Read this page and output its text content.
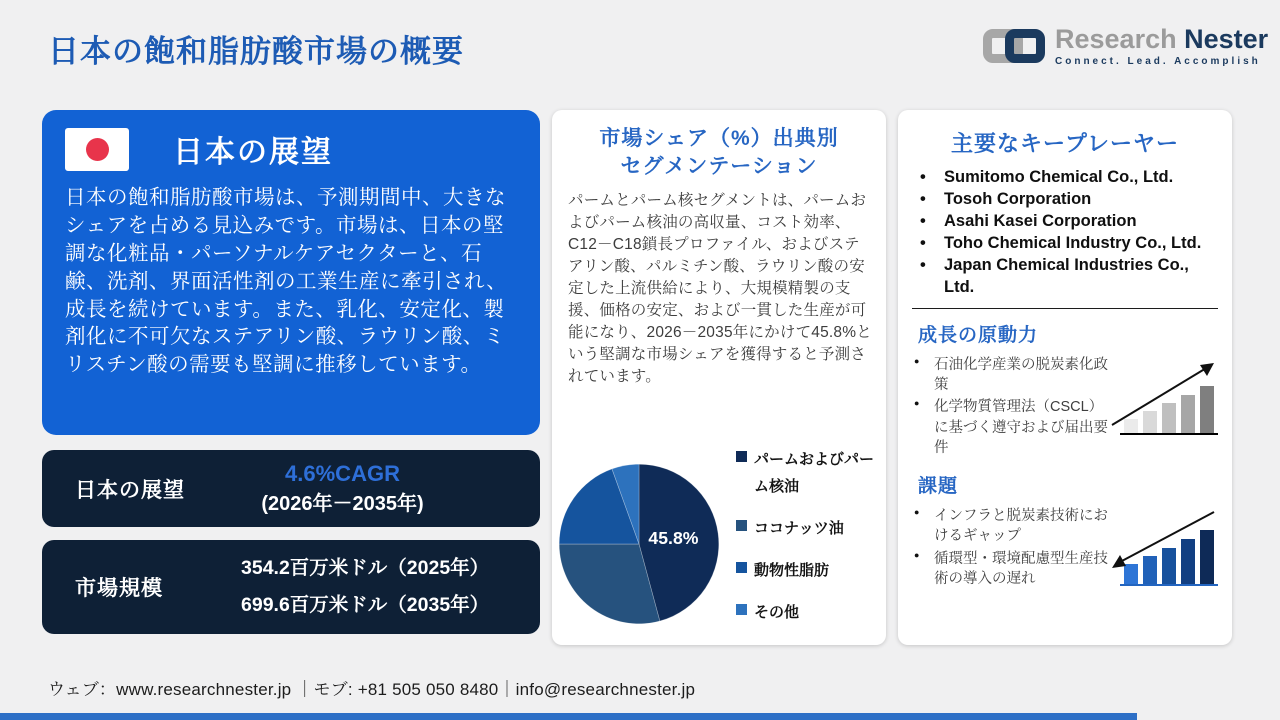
日本の飽和脂肪酸市場の概要	Research Nester
Connect. Lead. Accomplish
日本の展望
日本の飽和脂肪酸市場は、予測期間中、大きなシェアを占める見込みです。市場は、日本の堅調な化粧品・パーソナルケアセクターと、石鹸、洗剤、界面活性剤の工業生産に牽引され、成長を続けています。また、乳化、安定化、製剤化に不可欠なステアリン酸、ラウリン酸、ミリスチン酸の需要も堅調に推移しています。
日本の展望
4.6%CAGR
(2026年－2035年)
市場規模
354.2百万米ドル（2025年）
699.6百万米ドル（2035年）
市場シェア（%）出典別
セグメンテーション
パームとパーム核セグメントは、パームおよびパーム核油の高収量、コスト効率、C12－C18鎖長プロファイル、およびステアリン酸、パルミチン酸、ラウリン酸の安定した上流供給により、大規模精製の支援、価格の安定、および一貫した生産が可能になり、2026－2035年にかけて45.8%という堅調な市場シェアを獲得すると予測されています。
45.8%
パームおよびパーム核油
ココナッツ油
動物性脂肪
その他
主要なキープレーヤー
• Sumitomo Chemical Co., Ltd.
• Tosoh Corporation
• Asahi Kasei Corporation
• Toho Chemical Industry Co., Ltd.
• Japan Chemical Industries Co., Ltd.
成長の原動力
● 石油化学産業の脱炭素化政策
● 化学物質管理法（CSCL）に基づく遵守および届出要件
課題
● インフラと脱炭素技術におけるギャップ
● 循環型・環境配慮型生産技術の導入の遅れ
ウェブ：www.researchnester.jp ｜モブ: +81 505 050 8480｜info@researchnester.jp
